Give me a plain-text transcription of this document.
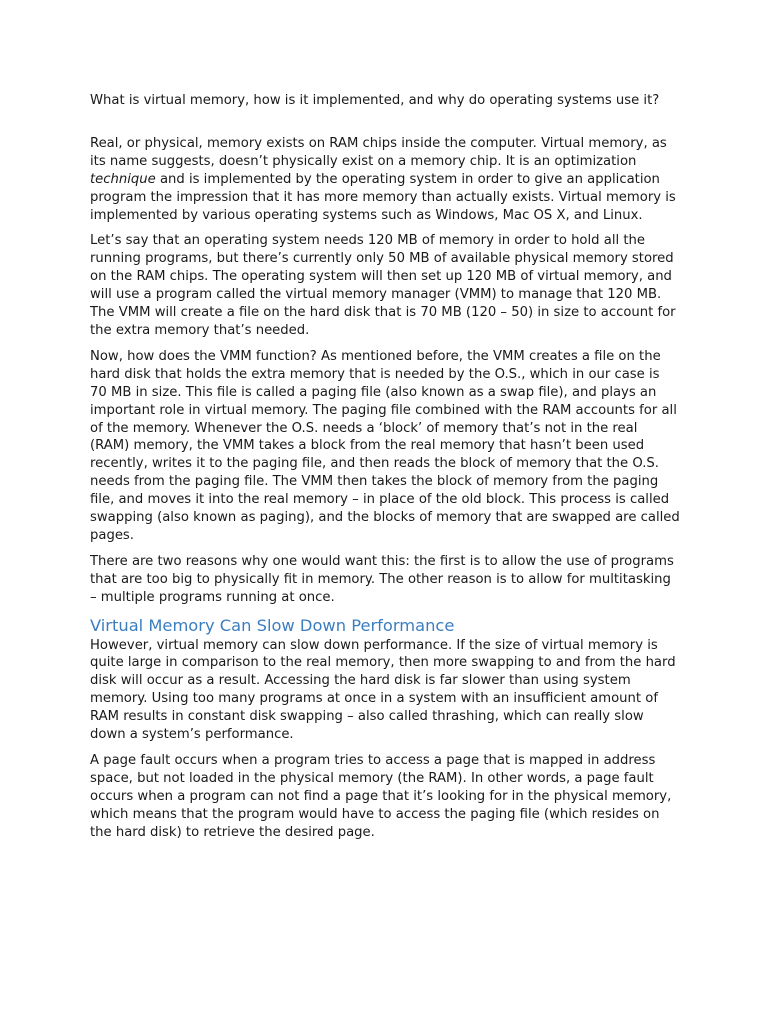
What is virtual memory, how is it implemented, and why do operating systems use it?

Real, or physical, memory exists on RAM chips inside the computer. Virtual memory, as its name suggests, doesn’t physically exist on a memory chip. It is an optimization technique and is implemented by the operating system in order to give an application program the impression that it has more memory than actually exists. Virtual memory is implemented by various operating systems such as Windows, Mac OS X, and Linux.

Let’s say that an operating system needs 120 MB of memory in order to hold all the running programs, but there’s currently only 50 MB of available physical memory stored on the RAM chips. The operating system will then set up 120 MB of virtual memory, and will use a program called the virtual memory manager (VMM) to manage that 120 MB. The VMM will create a file on the hard disk that is 70 MB (120 – 50) in size to account for the extra memory that’s needed.

Now, how does the VMM function? As mentioned before, the VMM creates a file on the hard disk that holds the extra memory that is needed by the O.S., which in our case is 70 MB in size. This file is called a paging file (also known as a swap file), and plays an important role in virtual memory. The paging file combined with the RAM accounts for all of the memory. Whenever the O.S. needs a ‘block’ of memory that’s not in the real (RAM) memory, the VMM takes a block from the real memory that hasn’t been used recently, writes it to the paging file, and then reads the block of memory that the O.S. needs from the paging file. The VMM then takes the block of memory from the paging file, and moves it into the real memory – in place of the old block. This process is called swapping (also known as paging), and the blocks of memory that are swapped are called pages.

There are two reasons why one would want this: the first is to allow the use of programs that are too big to physically fit in memory. The other reason is to allow for multitasking – multiple programs running at once.

Virtual Memory Can Slow Down Performance

However, virtual memory can slow down performance. If the size of virtual memory is quite large in comparison to the real memory, then more swapping to and from the hard disk will occur as a result. Accessing the hard disk is far slower than using system memory. Using too many programs at once in a system with an insufficient amount of RAM results in constant disk swapping – also called thrashing, which can really slow down a system’s performance.

A page fault occurs when a program tries to access a page that is mapped in address space, but not loaded in the physical memory (the RAM). In other words, a page fault occurs when a program can not find a page that it’s looking for in the physical memory, which means that the program would have to access the paging file (which resides on the hard disk) to retrieve the desired page.
